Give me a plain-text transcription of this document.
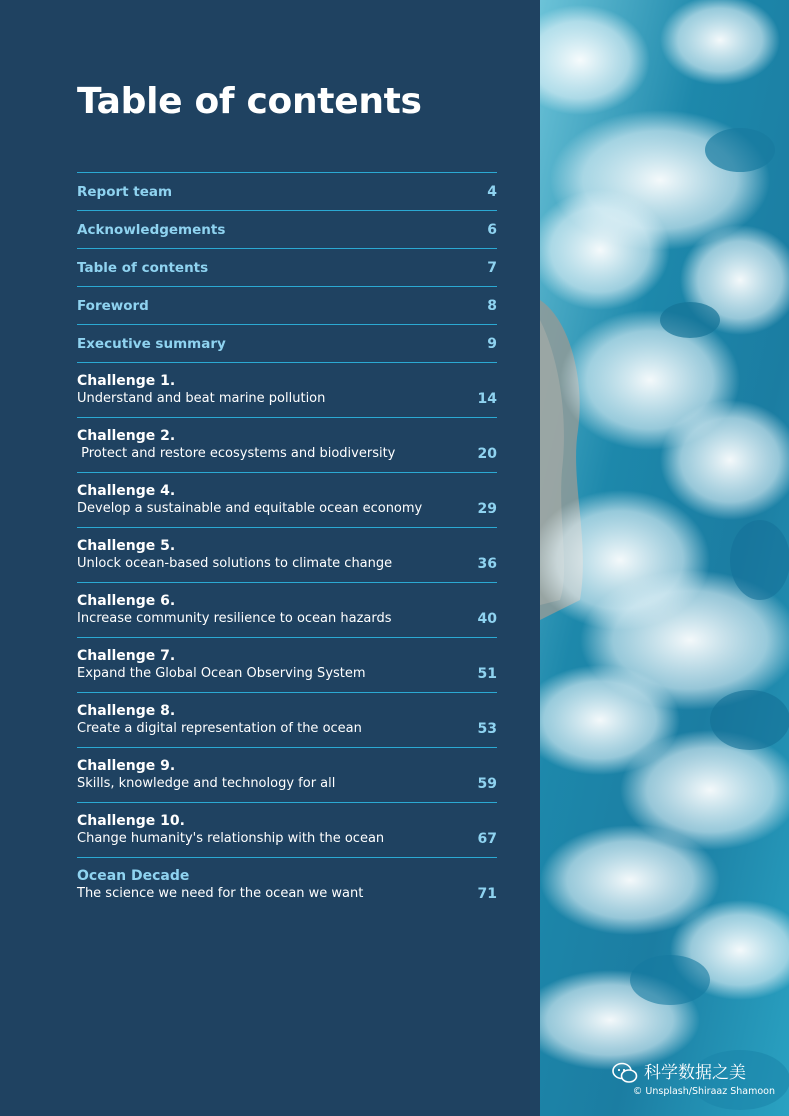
Table of contents
Report team	4
Acknowledgements	6
Table of contents	7
Foreword	8
Executive summary	9
Challenge 1.
Understand and beat marine pollution	14
Challenge 2.
Protect and restore ecosystems and biodiversity	20
Challenge 4.
Develop a sustainable and equitable ocean economy	29
Challenge 5.
Unlock ocean-based solutions to climate change	36
Challenge 6.
Increase community resilience to ocean hazards	40
Challenge 7.
Expand the Global Ocean Observing System	51
Challenge 8.
Create a digital representation of the ocean	53
Challenge 9.
Skills, knowledge and technology for all	59
Challenge 10.
Change humanity's relationship with the ocean	67
Ocean Decade
The science we need for the ocean we want	71
科学数据之美
© Unsplash/Shiraaz Shamoon
